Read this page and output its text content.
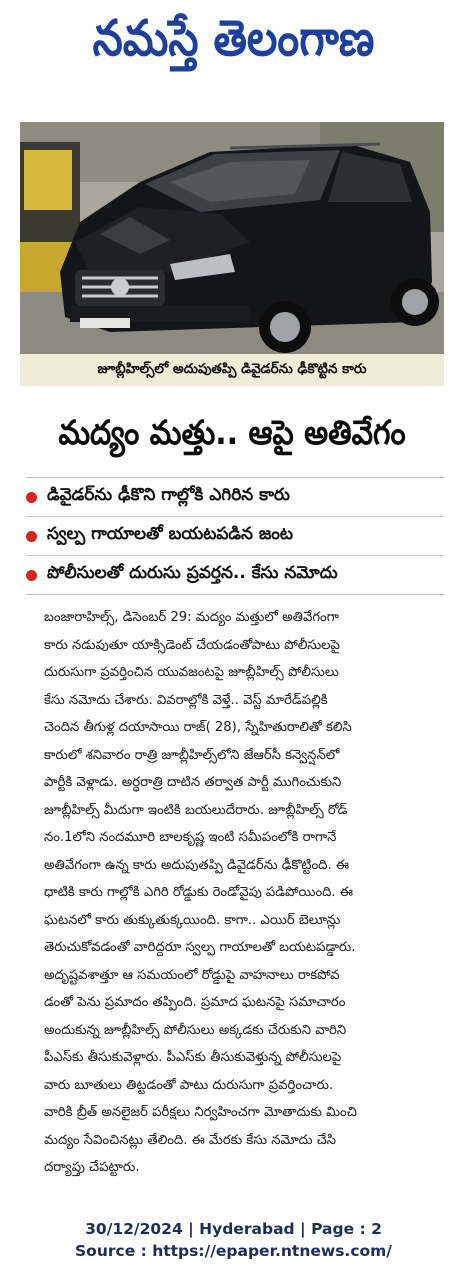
నమస్తే తెలంగాణ
జూబ్లీహిల్స్‌లో అదుపుతప్పి డివైడర్‌ను ఢీకొట్టిన కారు
మద్యం మత్తు.. ఆపై అతివేగం
డివైడర్‌ను ఢీకొని గాల్లోకి ఎగిరిన కారు
స్వల్ప గాయాలతో బయటపడిన జంట
పోలీసులతో దురుసు ప్రవర్తన.. కేసు నమోదు
బంజారాహిల్స్, డిసెంబర్ 29: మద్యం మత్తులో అతివేగంగా
కారు నడుపుతూ యాక్సిడెంట్ చేయడంతోపాటు పోలీసులపై
దురుసుగా ప్రవర్తించిన యువజంటపై జూబ్లీహిల్స్ పోలీసులు
కేసు నమోదు చేశారు. వివరాల్లోకి వెళ్తే.. వెస్ట్ మారేడ్‌పల్లికి
చెందిన తీగుళ్ల దయాసాయి రాజ్( 28), స్నేహితురాలితో కలిసి
కారులో శనివారం రాత్రి జూబ్లీహిల్స్‌లోని జేఆర్‌సీ కన్వెన్షన్‌లో
పార్టీకి వెళ్లాడు. అర్ధరాత్రి దాటిన తర్వాత పార్టీ ముగించుకుని
జూబ్లీహిల్స్ మీదుగా ఇంటికి బయలుదేరారు. జూబ్లీహిల్స్ రోడ్
నం.1లోని నందమూరి బాలకృష్ణ ఇంటి సమీపంలోకి రాగానే
అతివేగంగా ఉన్న కారు అదుపుతప్పి డివైడర్‌ను ఢీకొట్టింది. ఈ
ధాటికి కారు గాల్లోకి ఎగిరి రోడ్డుకు రెండోవైపు పడిపోయింది. ఈ
ఘటనలో కారు తుక్కుతుక్కయింది. కాగా.. ఎయిర్ బెలూన్లు
తెరుచుకోవడంతో వారిద్దరూ స్వల్ప గాయాలతో బయటపడ్డారు.
అదృష్టవశాత్తూ ఆ సమయంలో రోడ్డుపై వాహనాలు రాకపోవ
డంతో పెను ప్రమాదం తప్పింది. ప్రమాద ఘటనపై సమాచారం
అందుకున్న జూబ్లీహిల్స్ పోలీసులు అక్కడకు చేరుకుని వారిని
పీఎస్‌కు తీసుకువెళ్లారు. పీఎస్‌కు తీసుకువెళ్తున్న పోలీసులపై
వారు బూతులు తిట్టడంతో పాటు దురుసుగా ప్రవర్తించారు.
వారికి బ్రీత్ అనలైజర్ పరీక్షలు నిర్వహించగా మోతాదుకు మించి
మద్యం సేవించినట్లు తేలింది. ఈ మేరకు కేసు నమోదు చేసి
దర్యాప్తు చేపట్టారు.
30/12/2024 | Hyderabad | Page : 2
Source : https://epaper.ntnews.com/
